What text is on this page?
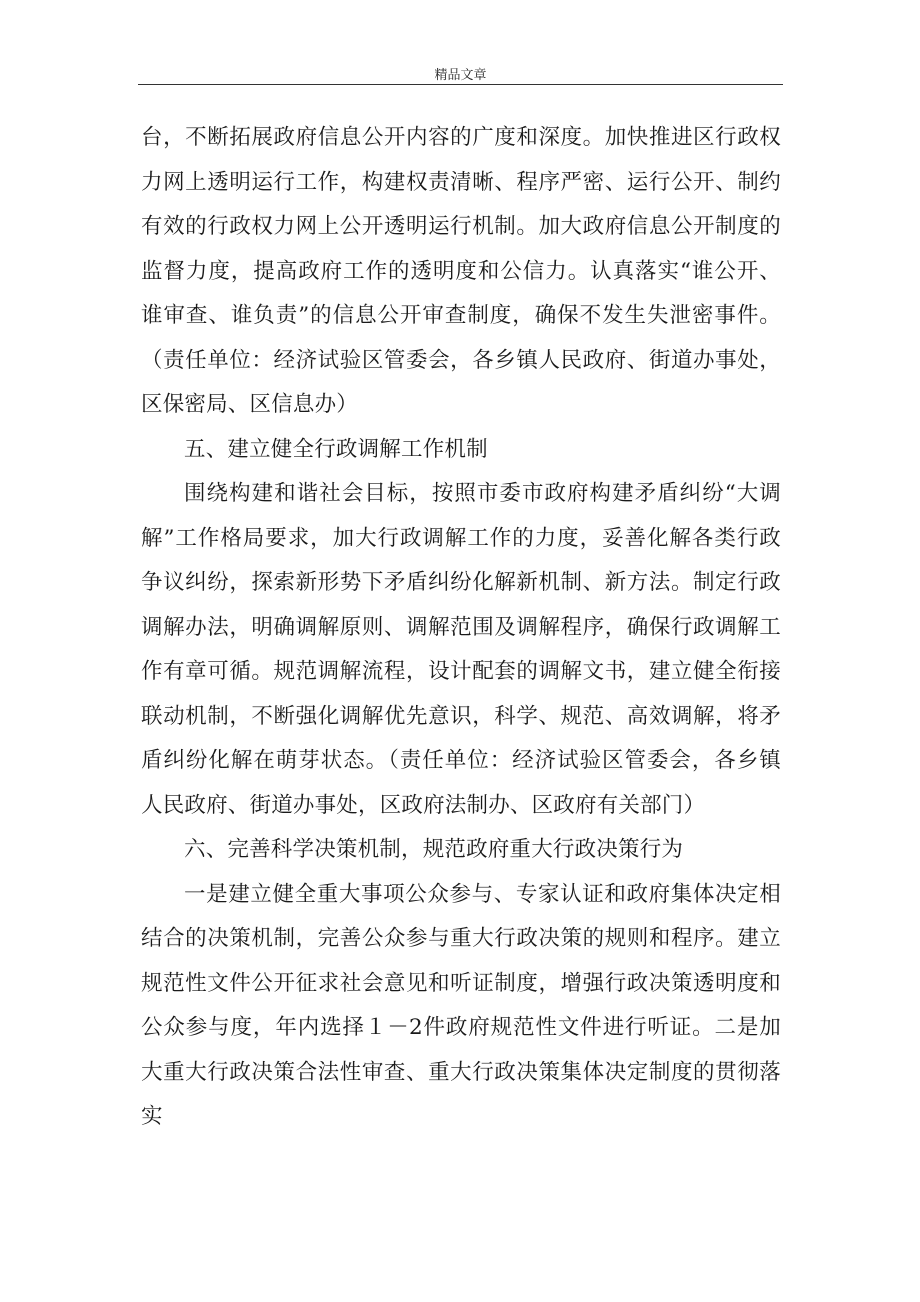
精品文章

台，不断拓展政府信息公开内容的广度和深度。加快推进区行政权力网上透明运行工作，构建权责清晰、程序严密、运行公开、制约有效的行政权力网上公开透明运行机制。加大政府信息公开制度的监督力度，提高政府工作的透明度和公信力。认真落实“谁公开、谁审查、谁负责”的信息公开审查制度，确保不发生失泄密事件。（责任单位：经济试验区管委会，各乡镇人民政府、街道办事处，区保密局、区信息办）

五、建立健全行政调解工作机制

围绕构建和谐社会目标，按照市委市政府构建矛盾纠纷“大调解”工作格局要求，加大行政调解工作的力度，妥善化解各类行政争议纠纷，探索新形势下矛盾纠纷化解新机制、新方法。制定行政调解办法，明确调解原则、调解范围及调解程序，确保行政调解工作有章可循。规范调解流程，设计配套的调解文书，建立健全衔接联动机制，不断强化调解优先意识，科学、规范、高效调解，将矛盾纠纷化解在萌芽状态。（责任单位：经济试验区管委会，各乡镇人民政府、街道办事处，区政府法制办、区政府有关部门）

六、完善科学决策机制，规范政府重大行政决策行为

一是建立健全重大事项公众参与、专家认证和政府集体决定相结合的决策机制，完善公众参与重大行政决策的规则和程序。建立规范性文件公开征求社会意见和听证制度，增强行政决策透明度和公众参与度，年内选择１－2件政府规范性文件进行听证。二是加大重大行政决策合法性审查、重大行政决策集体决定制度的贯彻落实
